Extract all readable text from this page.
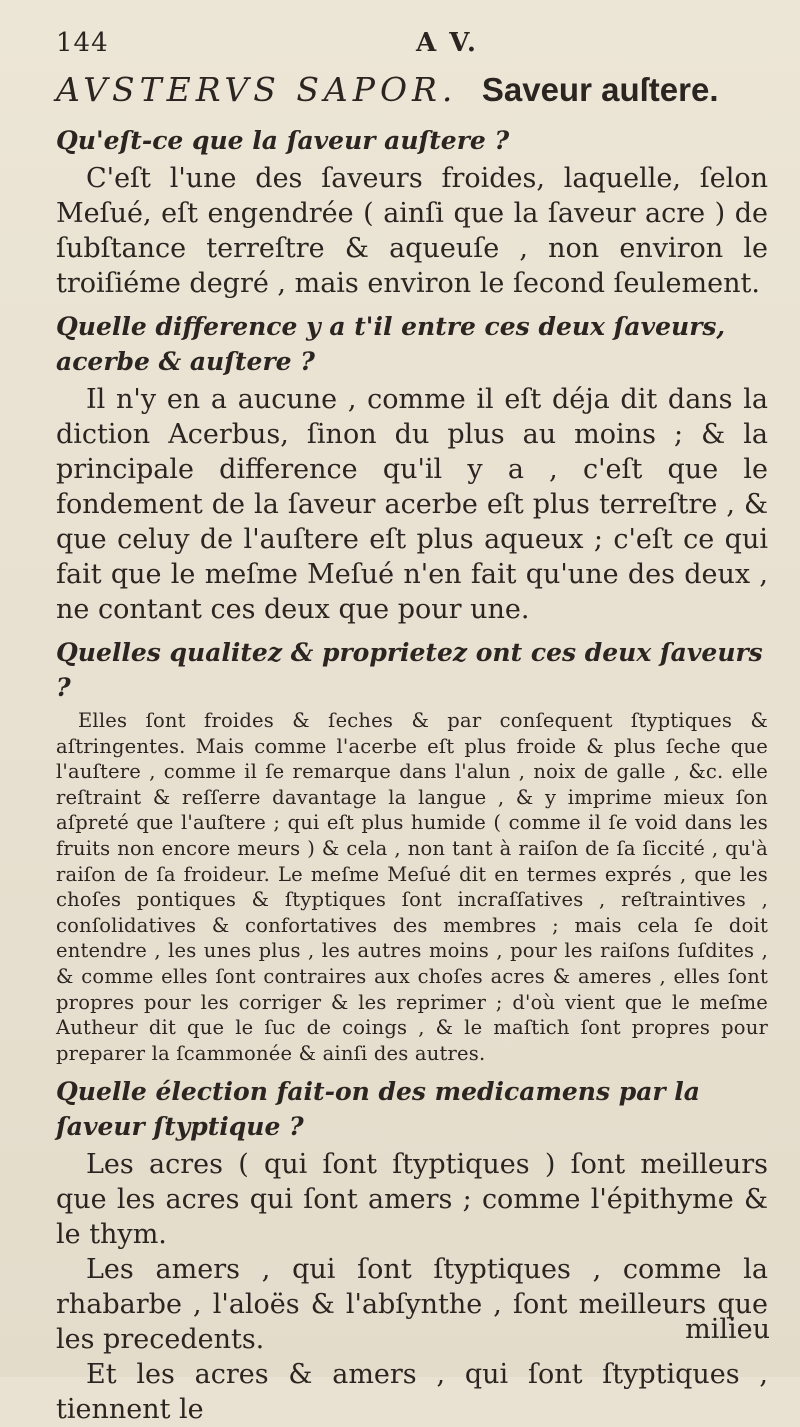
144	A V.
AVSTERVS SAPOR. Saveur auſtere.
Qu'eſt-ce que la ſaveur auſtere ?

C'eſt l'une des ſaveurs froides, laquelle, ſelon Meſué, eſt engendrée ( ainſi que la ſaveur acre ) de ſubſtance terreſtre & aqueuſe , non environ le troiſiéme degré , mais environ le ſecond ſeulement.

Quelle difference y a t'il entre ces deux ſaveurs, acerbe & auſtere ?

Il n'y en a aucune , comme il eſt déja dit dans la diction Acerbus, ſinon du plus au moins ; & la principale difference qu'il y a , c'eſt que le fondement de la ſaveur acerbe eſt plus terreſtre , & que celuy de l'auſtere eſt plus aqueux ; c'eſt ce qui fait que le meſme Meſué n'en fait qu'une des deux , ne contant ces deux que pour une.

Quelles qualitez & proprietez ont ces deux ſaveurs ?

Elles ſont froides & ſeches & par conſequent ſtyptiques & aſtringentes. Mais comme l'acerbe eſt plus froide & plus ſeche que l'auſtere , comme il ſe remarque dans l'alun , noix de galle , &c. elle reſtraint & reſſerre davantage la langue , & y imprime mieux ſon aſpreté que l'auſtere ; qui eſt plus humide ( comme il ſe void dans les fruits non encore meurs ) & cela , non tant à raiſon de ſa ſiccité , qu'à raiſon de ſa froideur. Le meſme Meſué dit en termes exprés , que les choſes pontiques & ſtyptiques ſont incraſſatives , reſtraintives , conſolidatives & confortatives des membres ; mais cela ſe doit entendre , les unes plus , les autres moins , pour les raiſons ſuſdites , & comme elles ſont contraires aux choſes acres & ameres , elles ſont propres pour les corriger & les reprimer ; d'où vient que le meſme Autheur dit que le ſuc de coings , & le maſtich ſont propres pour preparer la ſcammonée & ainſi des autres.

Quelle élection fait-on des medicamens par la ſaveur ſtyptique ?

Les acres ( qui ſont ſtyptiques ) ſont meilleurs que les acres qui ſont amers ; comme l'épithyme & le thym.

Les amers , qui ſont ſtyptiques , comme la rhabarbe , l'aloës & l'abſynthe , ſont meilleurs que les precedents.

Et les acres & amers , qui ſont ſtyptiques , tiennent le

milieu
